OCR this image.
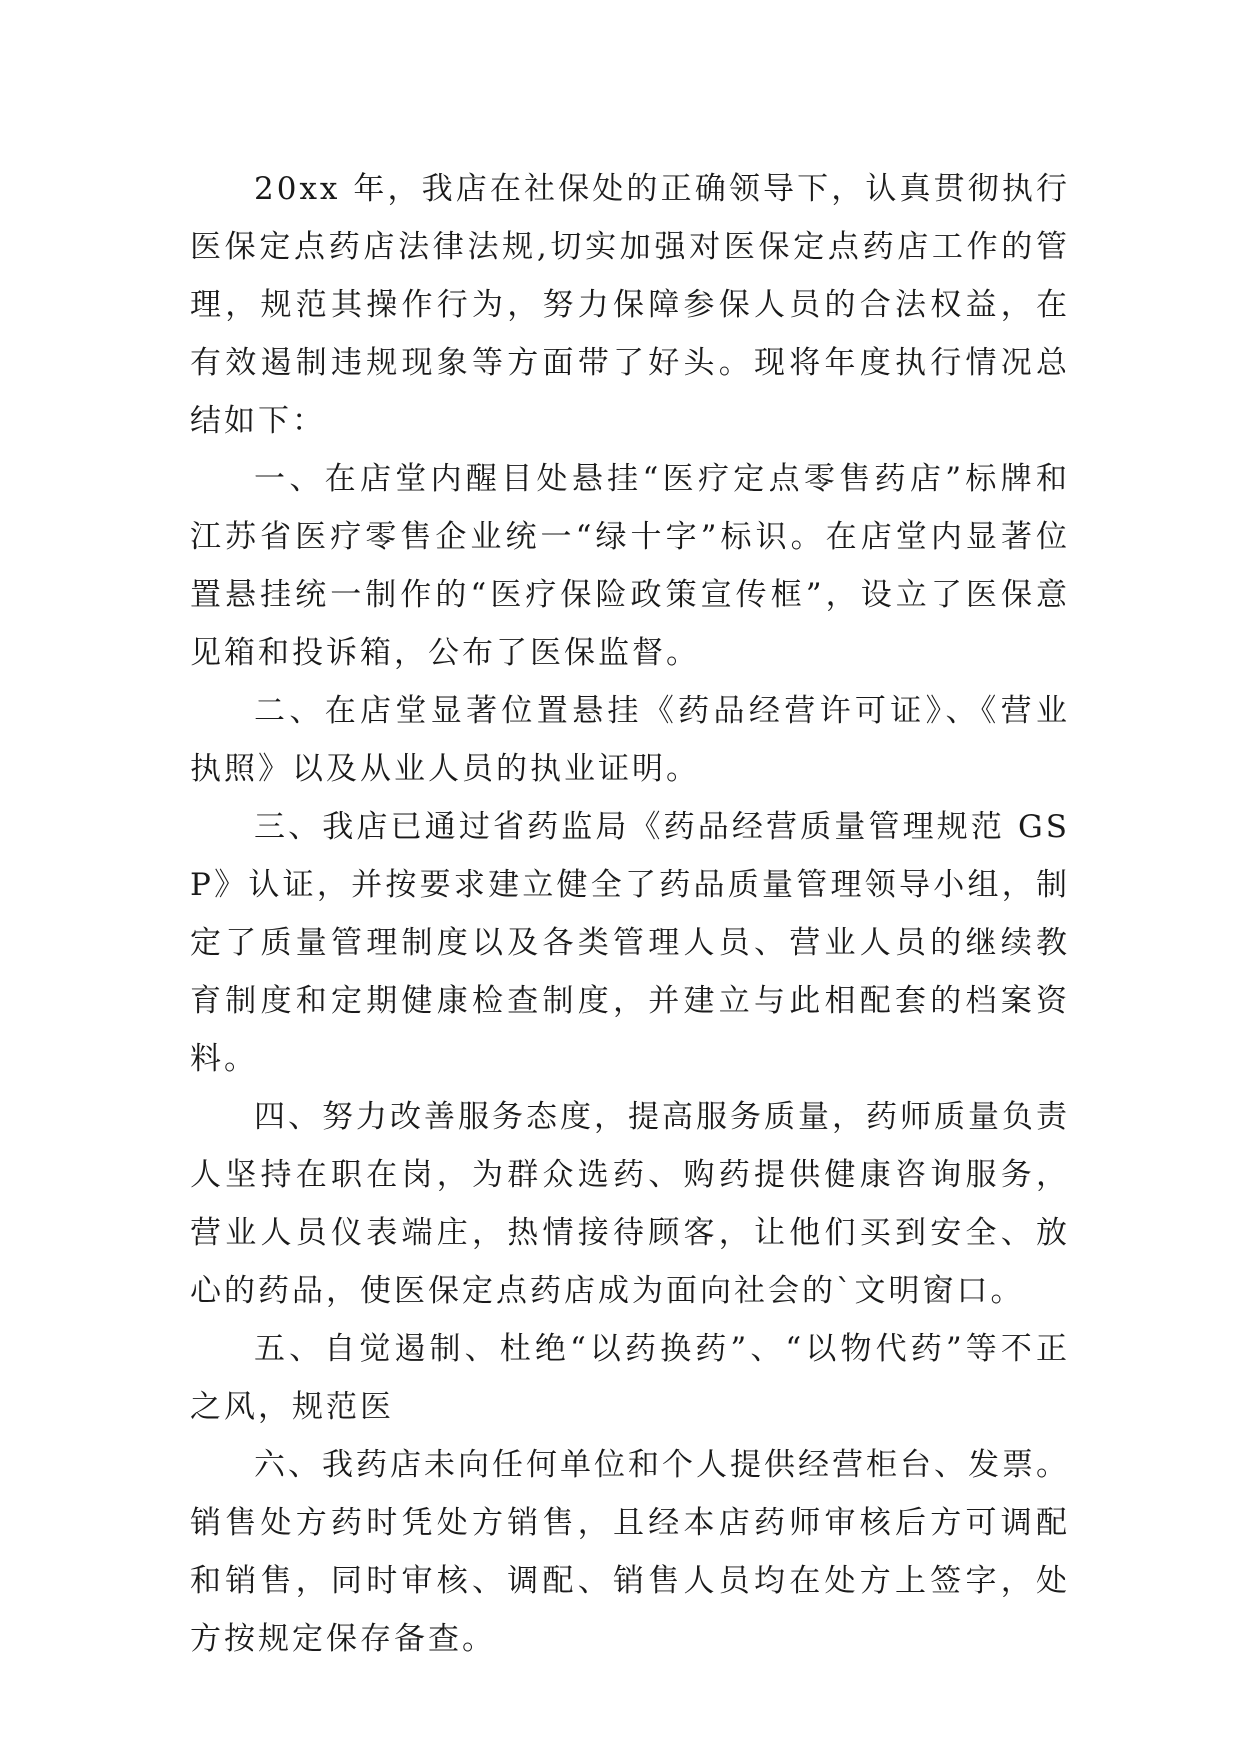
20xx 年，我店在社保处的正确领导下，认真贯彻执行医保定点药店法律法规,切实加强对医保定点药店工作的管理，规范其操作行为，努力保障参保人员的合法权益，在有效遏制违规现象等方面带了好头。现将年度执行情况总结如下：

一、在店堂内醒目处悬挂“医疗定点零售药店”标牌和江苏省医疗零售企业统一“绿十字”标识。在店堂内显著位置悬挂统一制作的“医疗保险政策宣传框”，设立了医保意见箱和投诉箱，公布了医保监督。

二、在店堂显著位置悬挂《药品经营许可证》、《营业执照》以及从业人员的执业证明。

三、我店已通过省药监局《药品经营质量管理规范 GSP》认证，并按要求建立健全了药品质量管理领导小组，制定了质量管理制度以及各类管理人员、营业人员的继续教育制度和定期健康检查制度，并建立与此相配套的档案资料。

四、努力改善服务态度，提高服务质量，药师质量负责人坚持在职在岗，为群众选药、购药提供健康咨询服务，营业人员仪表端庄，热情接待顾客，让他们买到安全、放心的药品，使医保定点药店成为面向社会的`文明窗口。

五、自觉遏制、杜绝“以药换药”、“以物代药”等不正之风，规范医

六、我药店未向任何单位和个人提供经营柜台、发票。销售处方药时凭处方销售，且经本店药师审核后方可调配和销售，同时审核、调配、销售人员均在处方上签字，处方按规定保存备查。
